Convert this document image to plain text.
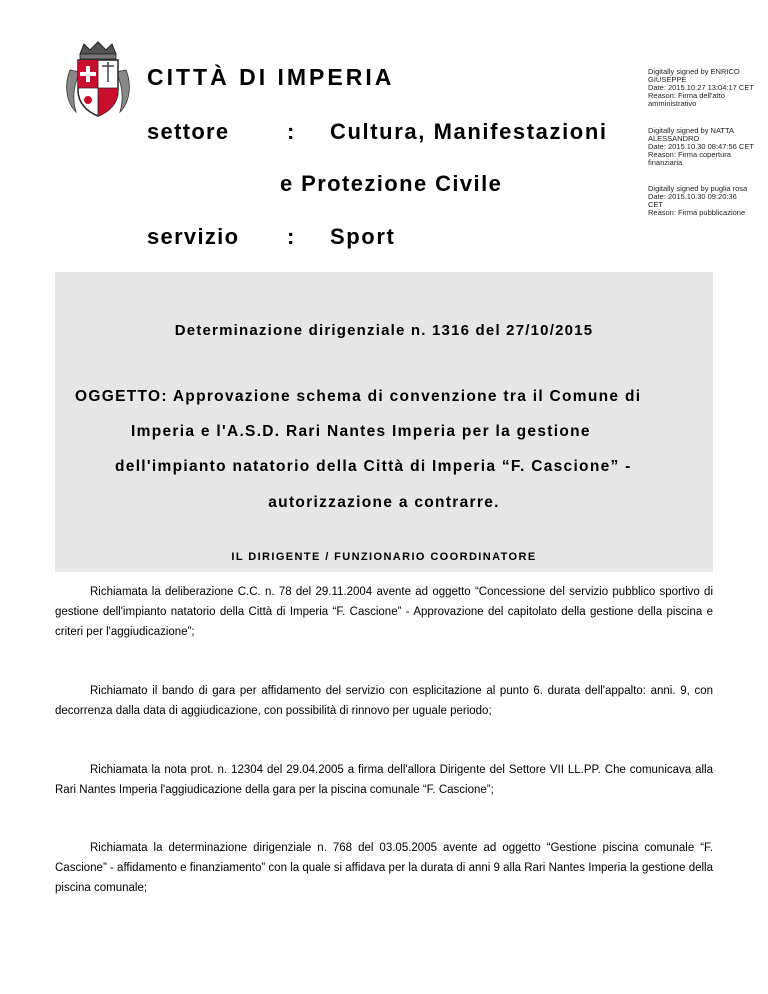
CITTÀ DI IMPERIA	Digitally signed by ENRICO
GIUSEPPE
Date: 2015.10.27 13:04:17 CET
Reason: Firma dell'atto
amministrativo
Digitally signed by NATTA
ALESSANDRO
Date: 2015.10.30 08:47:56 CET
Reason: Firma copertura
finanziaria
Digitally signed by puglia rosa
Date: 2015.10.30 09:20:36
CET
Reason: Firma pubblicazione
settore	: Cultura, Manifestazioni
e Protezione Civile
servizio : Sport
Determinazione dirigenziale n. 1316 del 27/10/2015
OGGETTO: Approvazione schema di convenzione tra il Comune di
Imperia e l'A.S.D. Rari Nantes Imperia per la gestione
dell'impianto natatorio della Città di Imperia “F. Cascione” -
autorizzazione a contrarre.
IL DIRIGENTE / FUNZIONARIO COORDINATORE

Richiamata la deliberazione C.C. n. 78 del 29.11.2004 avente ad oggetto “Concessione del servizio pubblico sportivo di gestione dell'impianto natatorio della Città di Imperia “F. Cascione” - Approvazione del capitolato della gestione della piscina e criteri per l'aggiudicazione”;

Richiamato il bando di gara per affidamento del servizio con esplicitazione al punto 6. durata dell'appalto: anni. 9, con decorrenza dalla data di aggiudicazione, con possibilità di rinnovo per uguale periodo;

Richiamata la nota prot. n. 12304 del 29.04.2005 a firma dell'allora Dirigente del Settore VII LL.PP. Che comunicava alla Rari Nantes Imperia l'aggiudicazione della gara per la piscina comunale “F. Cascione”;

Richiamata la determinazione dirigenziale n. 768 del 03.05.2005 avente ad oggetto “Gestione piscina comunale “F. Cascione” - affidamento e finanziamento” con la quale si affidava per la durata di anni 9 alla Rari Nantes Imperia la gestione della piscina comunale;
